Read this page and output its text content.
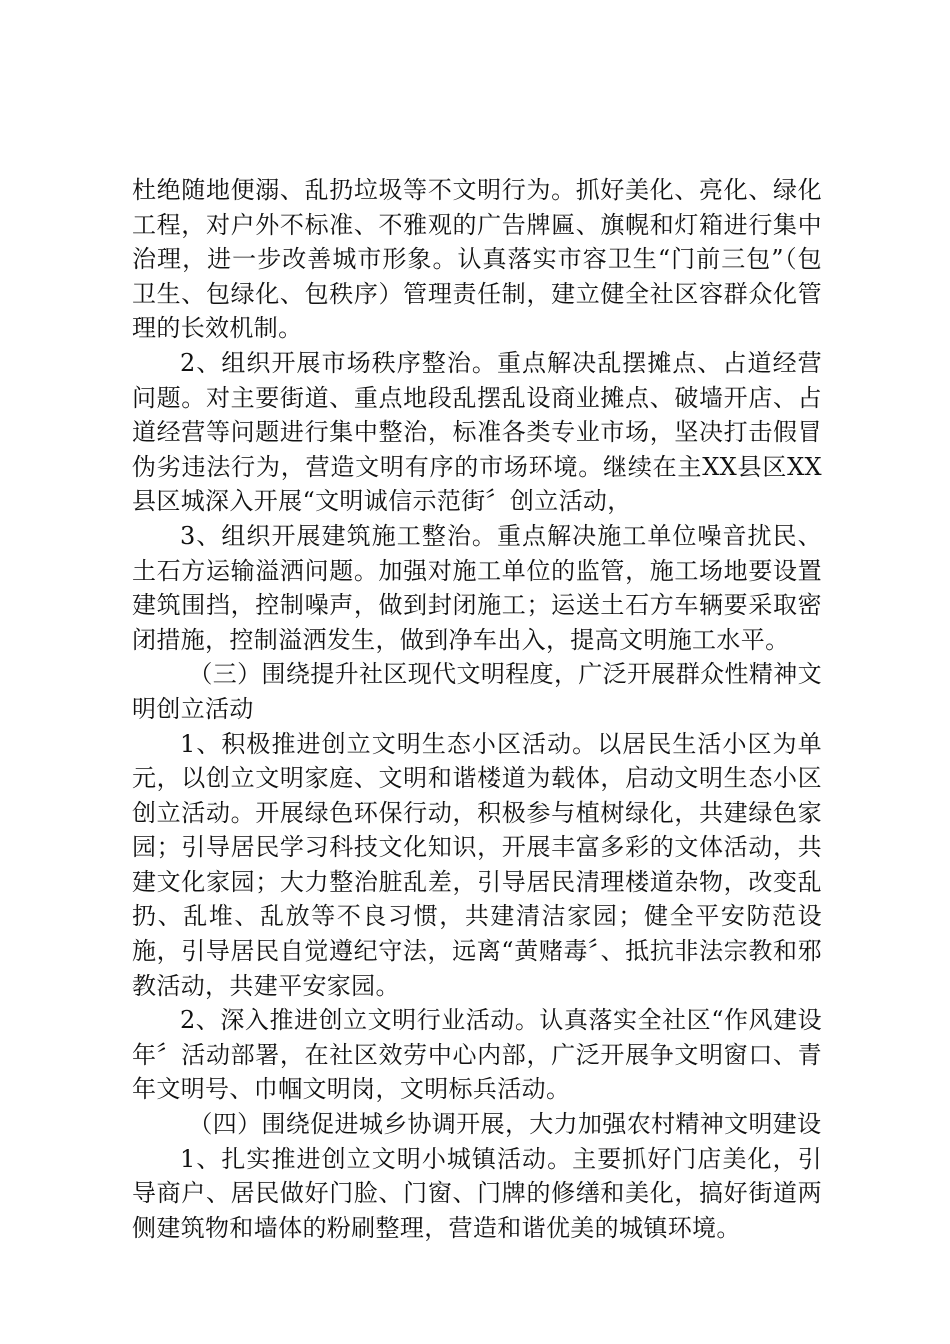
杜绝随地便溺、乱扔垃圾等不文明行为。抓好美化、亮化、绿化工程，对户外不标准、不雅观的广告牌匾、旗幌和灯箱进行集中治理，进一步改善城市形象。认真落实市容卫生“门前三包”（包卫生、包绿化、包秩序）管理责任制，建立健全社区容群众化管理的长效机制。

2、组织开展市场秩序整治。重点解决乱摆摊点、占道经营问题。对主要街道、重点地段乱摆乱设商业摊点、破墙开店、占道经营等问题进行集中整治，标准各类专业市场，坚决打击假冒伪劣违法行为，营造文明有序的市场环境。继续在主XX县区XX县区城深入开展“文明诚信示范街〞创立活动，

3、组织开展建筑施工整治。重点解决施工单位噪音扰民、土石方运输溢洒问题。加强对施工单位的监管，施工场地要设置建筑围挡，控制噪声，做到封闭施工；运送土石方车辆要采取密闭措施，控制溢洒发生，做到净车出入，提高文明施工水平。

（三）围绕提升社区现代文明程度，广泛开展群众性精神文明创立活动

1、积极推进创立文明生态小区活动。以居民生活小区为单元，以创立文明家庭、文明和谐楼道为载体，启动文明生态小区创立活动。开展绿色环保行动，积极参与植树绿化，共建绿色家园；引导居民学习科技文化知识，开展丰富多彩的文体活动，共建文化家园；大力整治脏乱差，引导居民清理楼道杂物，改变乱扔、乱堆、乱放等不良习惯，共建清洁家园；健全平安防范设施，引导居民自觉遵纪守法，远离“黄赌毒〞、抵抗非法宗教和邪教活动，共建平安家园。

2、深入推进创立文明行业活动。认真落实全社区“作风建设年〞活动部署，在社区效劳中心内部，广泛开展争文明窗口、青年文明号、巾帼文明岗，文明标兵活动。

（四）围绕促进城乡协调开展，大力加强农村精神文明建设

1、扎实推进创立文明小城镇活动。主要抓好门店美化，引导商户、居民做好门脸、门窗、门牌的修缮和美化，搞好街道两侧建筑物和墙体的粉刷整理，营造和谐优美的城镇环境。
